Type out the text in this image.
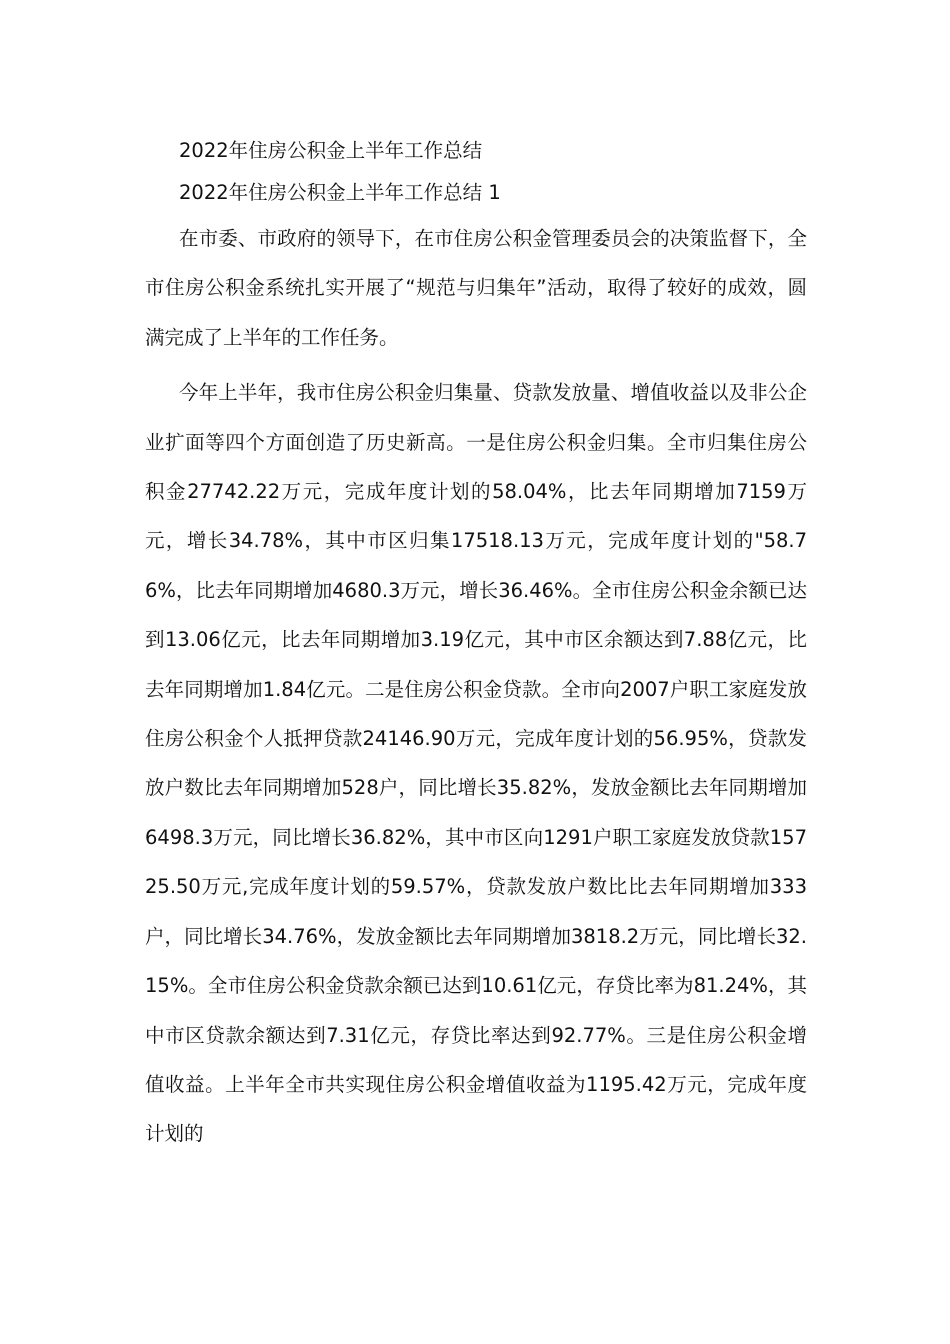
2022年住房公积金上半年工作总结

2022年住房公积金上半年工作总结 1

在市委、市政府的领导下，在市住房公积金管理委员会的决策监督下，全市住房公积金系统扎实开展了“规范与归集年”活动，取得了较好的成效，圆满完成了上半年的工作任务。

今年上半年，我市住房公积金归集量、贷款发放量、增值收益以及非公企业扩面等四个方面创造了历史新高。一是住房公积金归集。全市归集住房公积金27742.22万元，完成年度计划的58.04%，比去年同期增加7159万元，增长34.78%，其中市区归集17518.13万元，完成年度计划的"58.76%，比去年同期增加4680.3万元，增长36.46%。全市住房公积金余额已达到13.06亿元，比去年同期增加3.19亿元，其中市区余额达到7.88亿元，比去年同期增加1.84亿元。二是住房公积金贷款。全市向2007户职工家庭发放住房公积金个人抵押贷款24146.90万元，完成年度计划的56.95%，贷款发放户数比去年同期增加528户，同比增长35.82%，发放金额比去年同期增加6498.3万元，同比增长36.82%，其中市区向1291户职工家庭发放贷款15725.50万元,完成年度计划的59.57%，贷款发放户数比比去年同期增加333户，同比增长34.76%，发放金额比去年同期增加3818.2万元，同比增长32.15%。全市住房公积金贷款余额已达到10.61亿元，存贷比率为81.24%，其中市区贷款余额达到7.31亿元，存贷比率达到92.77%。三是住房公积金增值收益。上半年全市共实现住房公积金增值收益为1195.42万元，完成年度计划的
